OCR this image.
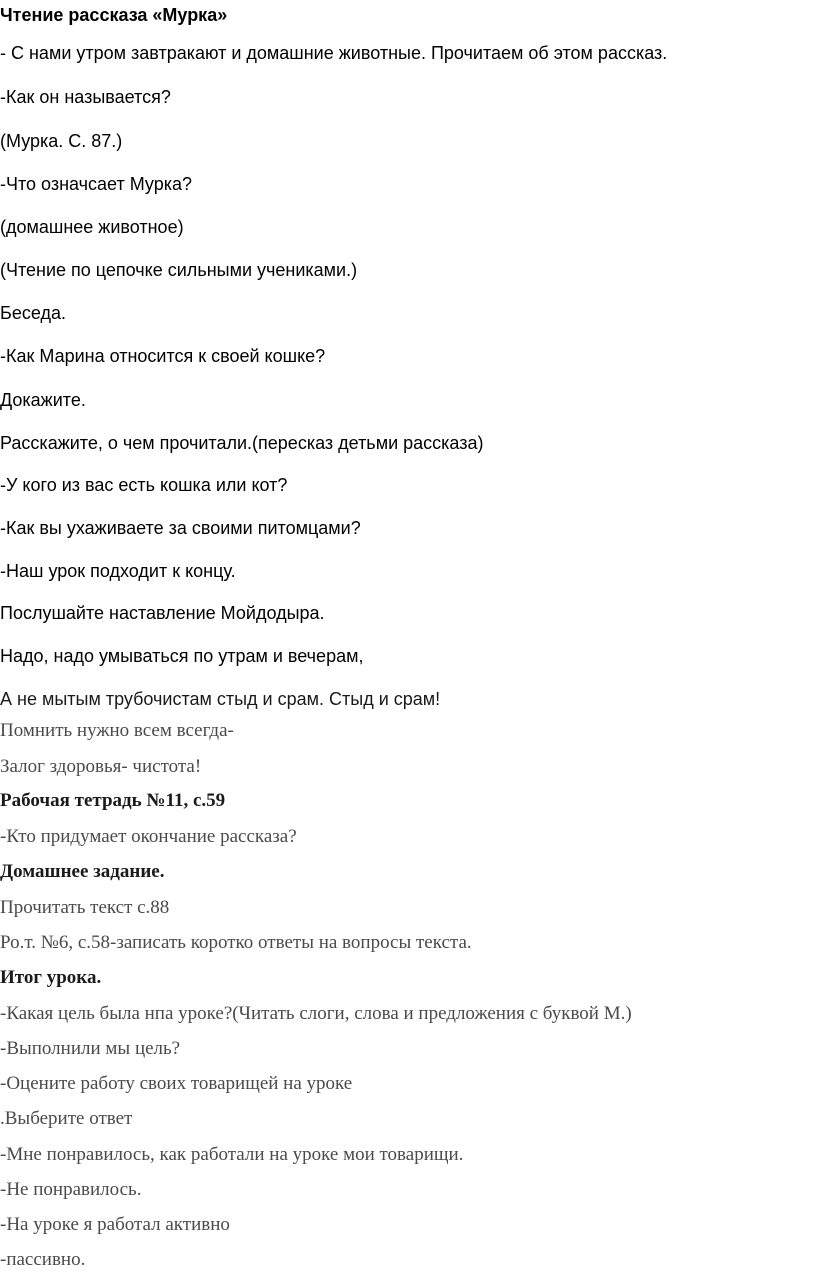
Чтение рассказа «Мурка»

- С нами утром завтракают и домашние животные. Прочитаем об этом рассказ.

-Как он называется?

(Мурка. С. 87.)

-Что означсает Мурка?

(домашнее животное)

(Чтение по цепочке сильными учениками.)

Беседа.

-Как Марина относится к своей кошке?

Докажите.

Расскажите, о чем прочитали.(пересказ детьми рассказа)

-У кого из вас есть кошка или кот?

-Как вы ухаживаете за своими питомцами?

-Наш урок подходит к концу.

Послушайте наставление Мойдодыра.

Надо, надо умываться по утрам и вечерам,

А не мытым трубочистам стыд и срам. Стыд и срам!

Помнить нужно всем всегда-

Залог здоровья- чистота!

Рабочая тетрадь №11, с.59

-Кто придумает окончание рассказа?

Домашнее задание.

Прочитать текст с.88

Ро.т. №6, с.58-записать коротко ответы на вопросы текста.

Итог урока.

-Какая цель была нпа уроке?(Читать слоги, слова и предложения с буквой М.)

-Выполнили мы цель?

-Оцените работу своих товарищей на уроке

.Выберите ответ

-Мне понравилось, как работали на уроке мои товарищи.

-Не понравилось.

-На уроке я работал активно

-пассивно.
